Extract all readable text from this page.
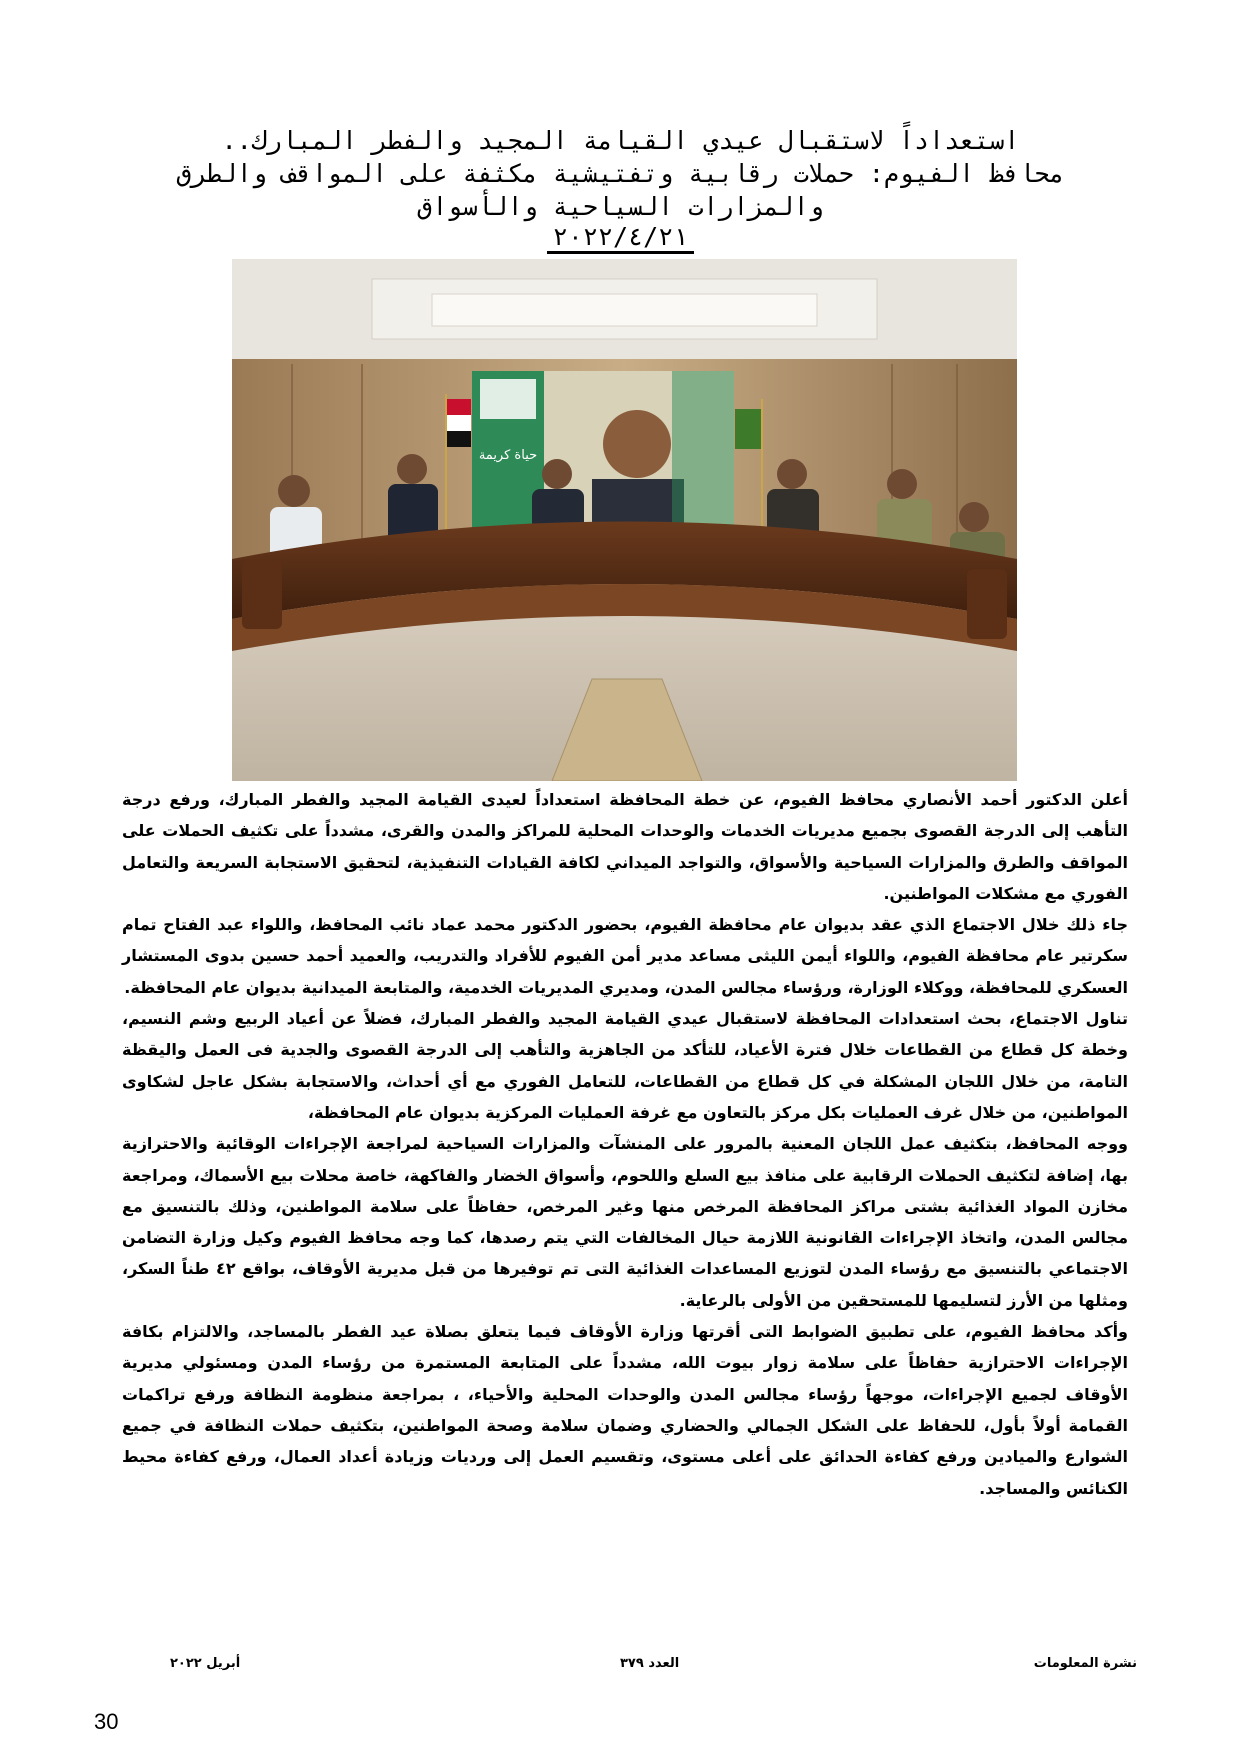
استعداداً لاستقبال عيدي القيامة المجيد والفطر المبارك..
محافظ الفيوم: حملات رقابية وتفتيشية مكثفة على المواقف والطرق
والمزارات السياحية والأسواق
٢٠٢٢/٤/٢١
حياة كريمة

أعلن الدكتور أحمد الأنصاري محافظ الفيوم، عن خطة المحافظة استعداداً لعيدى القيامة المجيد والفطر المبارك، ورفع درجة التأهب إلى الدرجة القصوى بجميع مديريات الخدمات والوحدات المحلية للمراكز والمدن والقرى، مشدداً على تكثيف الحملات على المواقف والطرق والمزارات السياحية والأسواق، والتواجد الميداني لكافة القيادات التنفيذية، لتحقيق الاستجابة السريعة والتعامل الفوري مع مشكلات المواطنين.

جاء ذلك خلال الاجتماع الذي عقد بديوان عام محافظة الفيوم، بحضور الدكتور محمد عماد نائب المحافظ، واللواء عبد الفتاح تمام سكرتير عام محافظة الفيوم، واللواء أيمن الليثى مساعد مدير أمن الفيوم للأفراد والتدريب، والعميد أحمد حسين بدوى المستشار العسكري للمحافظة، ووكلاء الوزارة، ورؤساء مجالس المدن، ومديري المديريات الخدمية، والمتابعة الميدانية بديوان عام المحافظة.

تناول الاجتماع، بحث استعدادات المحافظة لاستقبال عيدي القيامة المجيد والفطر المبارك، فضلاً عن أعياد الربيع وشم النسيم، وخطة كل قطاع من القطاعات خلال فترة الأعياد، للتأكد من الجاهزية والتأهب إلى الدرجة القصوى والجدية فى العمل واليقظة التامة، من خلال اللجان المشكلة في كل قطاع من القطاعات، للتعامل الفوري مع أي أحداث، والاستجابة بشكل عاجل لشكاوى المواطنين، من خلال غرف العمليات بكل مركز بالتعاون مع غرفة العمليات المركزية بديوان عام المحافظة،

ووجه المحافظ، بتكثيف عمل اللجان المعنية بالمرور على المنشآت والمزارات السياحية لمراجعة الإجراءات الوقائية والاحترازية بها، إضافة لتكثيف الحملات الرقابية على منافذ بيع السلع واللحوم، وأسواق الخضار والفاكهة، خاصة محلات بيع الأسماك، ومراجعة مخازن المواد الغذائية بشتى مراكز المحافظة المرخص منها وغير المرخص، حفاظاً على سلامة المواطنين، وذلك بالتنسيق مع مجالس المدن، واتخاذ الإجراءات القانونية اللازمة حيال المخالفات التي يتم رصدها، كما وجه محافظ الفيوم وكيل وزارة التضامن الاجتماعي بالتنسيق مع رؤساء المدن لتوزيع المساعدات الغذائية التى تم توفيرها من قبل مديرية الأوقاف، بواقع ٤٢ طناً السكر، ومثلها من الأرز لتسليمها للمستحقين من الأولى بالرعاية.

وأكد محافظ الفيوم، على تطبيق الضوابط التى أقرتها وزارة الأوقاف فيما يتعلق بصلاة عيد الفطر بالمساجد، والالتزام بكافة الإجراءات الاحترازية حفاظاً على سلامة زوار بيوت الله، مشدداً على المتابعة المستمرة من رؤساء المدن ومسئولي مديرية الأوقاف لجميع الإجراءات، موجهاً رؤساء مجالس المدن والوحدات المحلية والأحياء، ، بمراجعة منظومة النظافة ورفع تراكمات القمامة أولاً بأول، للحفاظ على الشكل الجمالي والحضاري وضمان سلامة وصحة المواطنين، بتكثيف حملات النظافة في جميع الشوارع والميادين ورفع كفاءة الحدائق على أعلى مستوى، وتقسيم العمل إلى ورديات وزيادة أعداد العمال، ورفع كفاءة محيط الكنائس والمساجد.

نشرة المعلومات
العدد ٣٧٩
أبريل ٢٠٢٢
30
